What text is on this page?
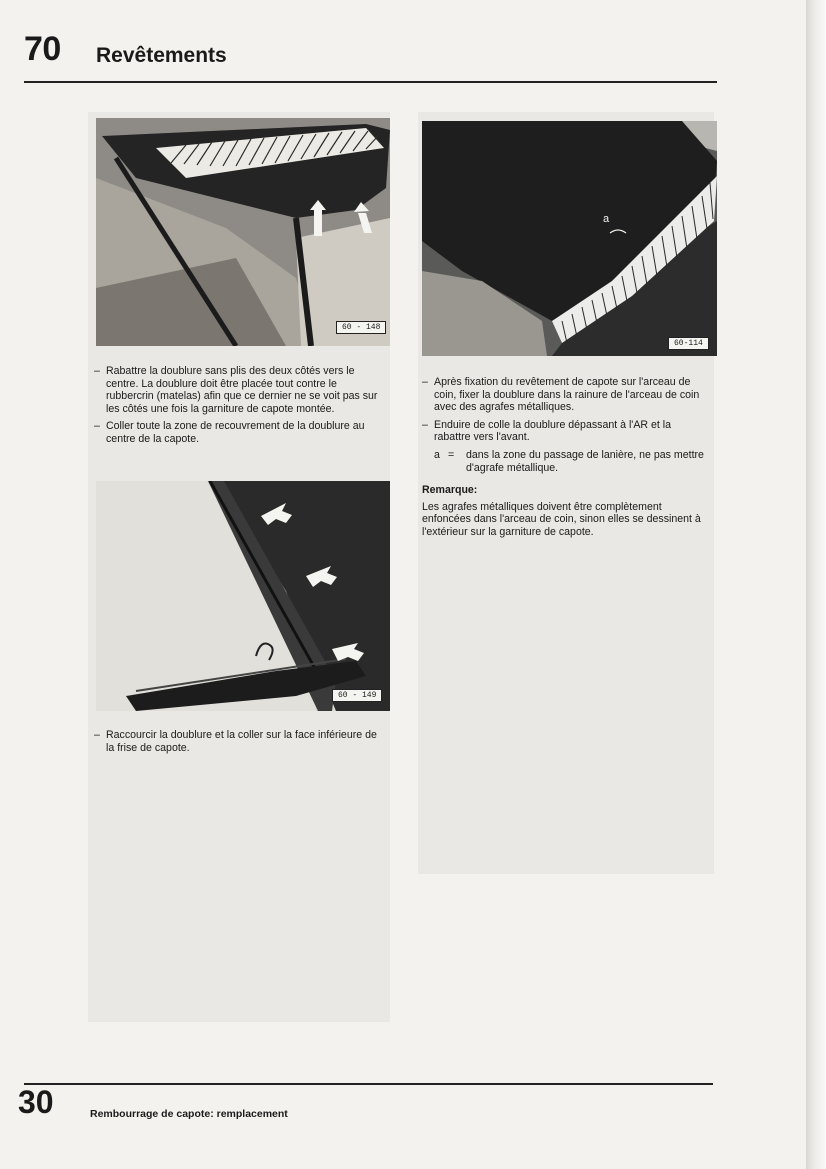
70 Revêtements
60 - 148
a
60-114
60 - 149
– Rabattre la doublure sans plis des deux côtés vers le centre. La doublure doit être placée tout contre le rubbercrin (matelas) afin que ce dernier ne se voit pas sur les côtés une fois la garniture de capote montée.
– Coller toute la zone de recouvrement de la doublure au centre de la capote.
– Raccourcir la doublure et la coller sur la face inférieure de la frise de capote.
– Après fixation du revêtement de capote sur l'arceau de coin, fixer la doublure dans la rainure de l'arceau de coin avec des agrafes métalliques.
– Enduire de colle la doublure dépassant à l'AR et la rabattre vers l'avant.
a =	dans la zone du passage de lanière, ne pas mettre d'agrafe métallique.
Remarque:
Les agrafes métalliques doivent être complètement enfoncées dans l'arceau de coin, sinon elles se dessinent à l'extérieur sur la garniture de capote.
30	Rembourrage de capote: remplacement
